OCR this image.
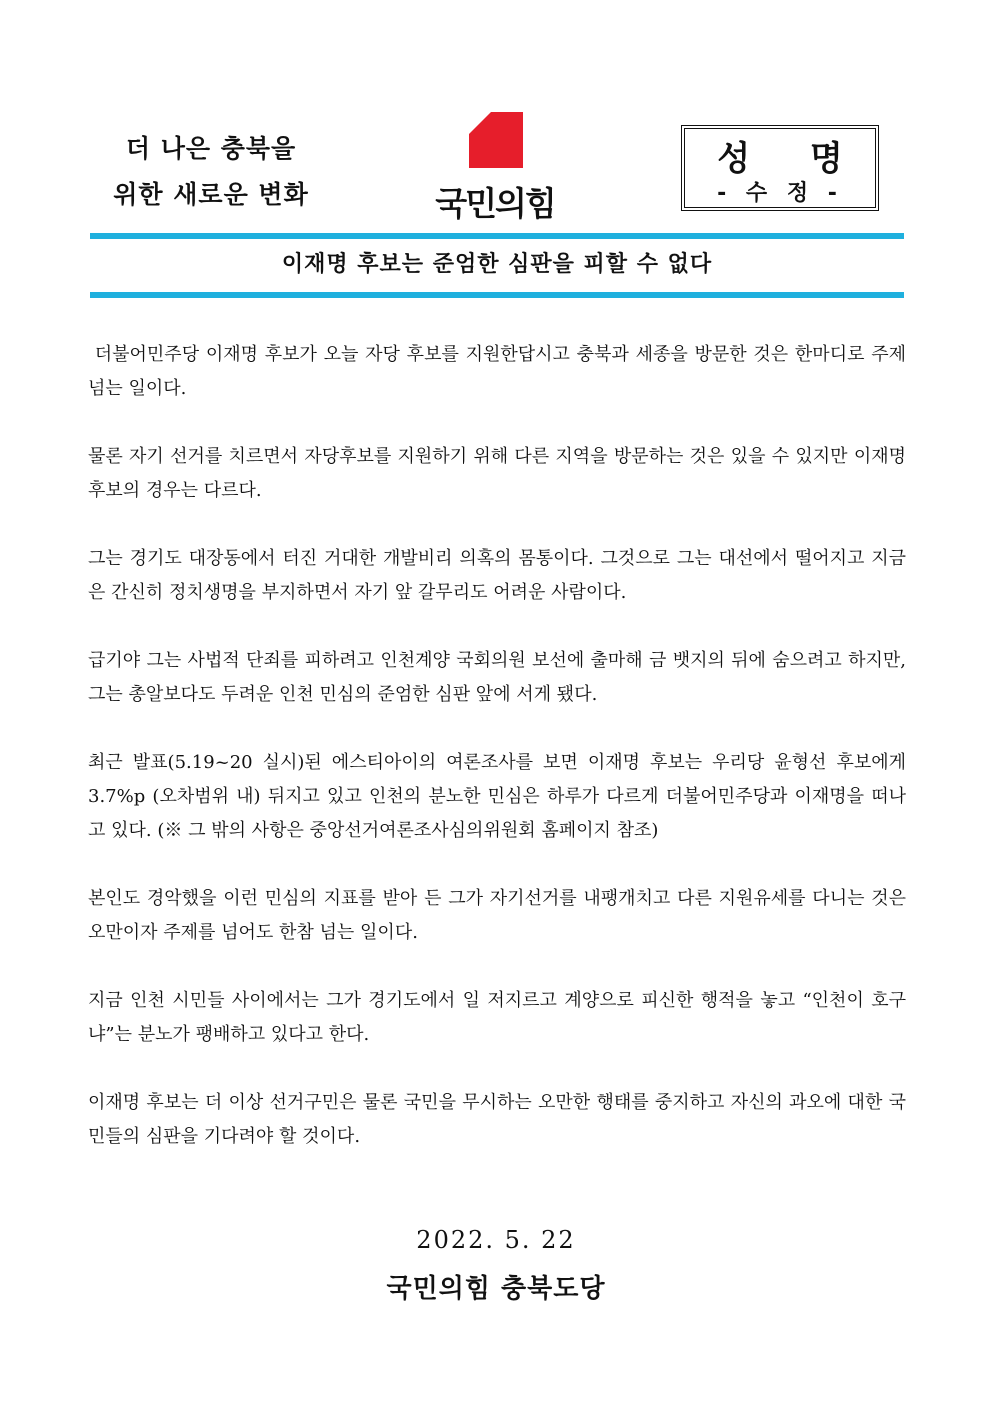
더 나은 충북을
위한 새로운 변화	국민의힘
성 명
- 수 정 -
이재명 후보는 준엄한 심판을 피할 수 없다

더불어민주당 이재명 후보가 오늘 자당 후보를 지원한답시고 충북과 세종을 방문한 것은 한마디로 주제 넘는 일이다.

물론 자기 선거를 치르면서 자당후보를 지원하기 위해 다른 지역을 방문하는 것은 있을 수 있지만 이재명 후보의 경우는 다르다.

그는 경기도 대장동에서 터진 거대한 개발비리 의혹의 몸통이다. 그것으로 그는 대선에서 떨어지고 지금은 간신히 정치생명을 부지하면서 자기 앞 갈무리도 어려운 사람이다.

급기야 그는 사법적 단죄를 피하려고 인천계양 국회의원 보선에 출마해 금 뱃지의 뒤에 숨으려고 하지만, 그는 총알보다도 두려운 인천 민심의 준엄한 심판 앞에 서게 됐다.

최근 발표(5.19~20 실시)된 에스티아이의 여론조사를 보면 이재명 후보는 우리당 윤형선 후보에게 3.7%p (오차범위 내) 뒤지고 있고 인천의 분노한 민심은 하루가 다르게 더불어민주당과 이재명을 떠나고 있다. (※ 그 밖의 사항은 중앙선거여론조사심의위원회 홈페이지 참조)

본인도 경악했을 이런 민심의 지표를 받아 든 그가 자기선거를 내팽개치고 다른 지원유세를 다니는 것은 오만이자 주제를 넘어도 한참 넘는 일이다.

지금 인천 시민들 사이에서는 그가 경기도에서 일 저지르고 계양으로 피신한 행적을 놓고 “인천이 호구냐”는 분노가 팽배하고 있다고 한다.

이재명 후보는 더 이상 선거구민은 물론 국민을 무시하는 오만한 행태를 중지하고 자신의 과오에 대한 국민들의 심판을 기다려야 할 것이다.

2022. 5. 22
국민의힘 충북도당
